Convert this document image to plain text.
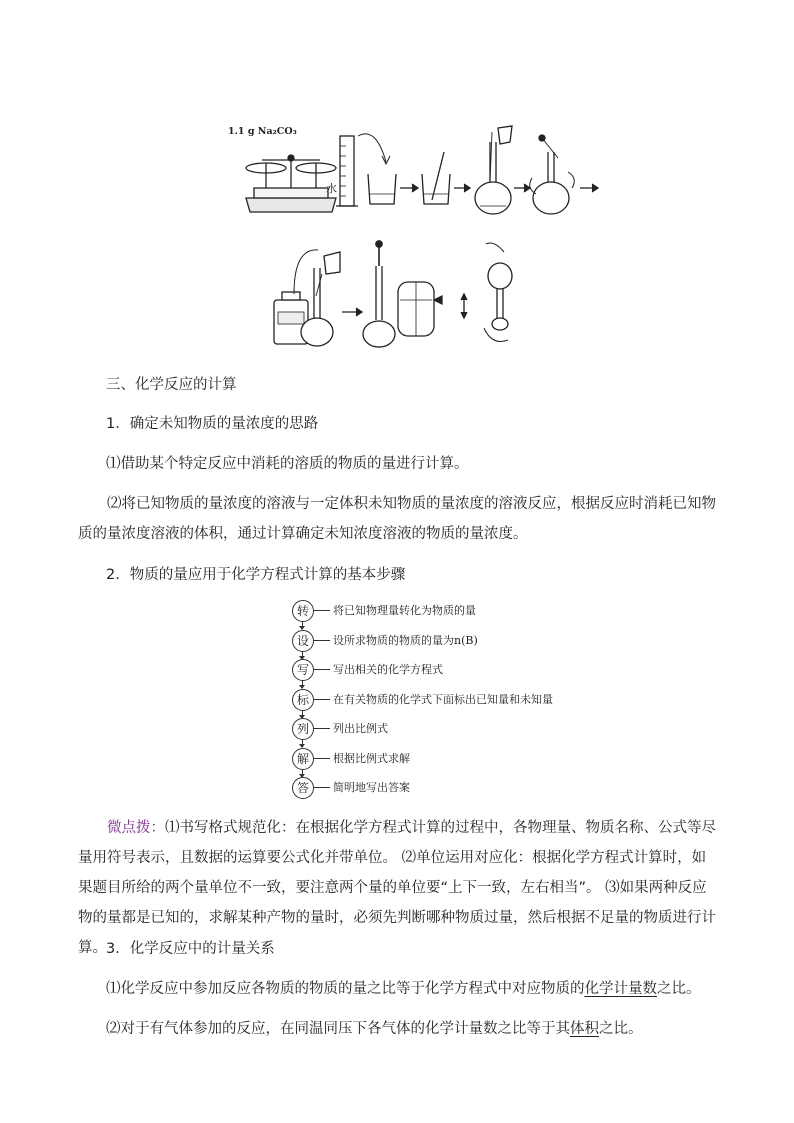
1.1 g Na₂CO₃
水
三、化学反应的计算
1．确定未知物质的量浓度的思路
⑴借助某个特定反应中消耗的溶质的物质的量进行计算。
⑵将已知物质的量浓度的溶液与一定体积未知物质的量浓度的溶液反应，根据反应时消耗已知物质的量浓度溶液的体积，通过计算确定未知浓度溶液的物质的量浓度。
2．物质的量应用于化学方程式计算的基本步骤
转	将已知物理量转化为物质的量
设	设所求物质的物质的量为n(B)
写	写出相关的化学方程式
标	在有关物质的化学式下面标出已知量和未知量
列	列出比例式
解	根据比例式求解
答	简明地写出答案
微点拨：⑴书写格式规范化：在根据化学方程式计算的过程中，各物理量、物质名称、公式等尽量用符号表示，且数据的运算要公式化并带单位。 ⑵单位运用对应化：根据化学方程式计算时，如果题目所给的两个量单位不一致，要注意两个量的单位要“上下一致，左右相当”。 ⑶如果两种反应物的量都是已知的，求解某种产物的量时，必须先判断哪种物质过量，然后根据不足量的物质进行计算。 3．化学反应中的计量关系
⑴化学反应中参加反应各物质的物质的量之比等于化学方程式中对应物质的化学计量数之比。
⑵对于有气体参加的反应，在同温同压下各气体的化学计量数之比等于其体积之比。
